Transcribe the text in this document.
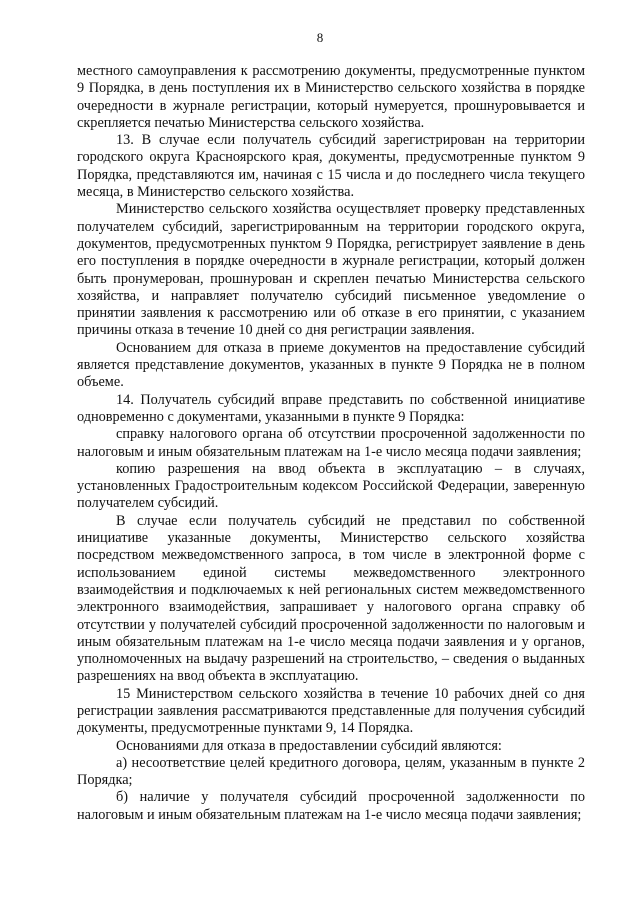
8

местного самоуправления к рассмотрению документы, предусмотренные пунктом 9 Порядка, в день поступления их в Министерство сельского хозяйства в порядке очередности в журнале регистрации, который нумеруется, прошнуровывается и скрепляется печатью Министерства сельского хозяйства.

13. В случае если получатель субсидий зарегистрирован на территории городского округа Красноярского края, документы, предусмотренные пунктом 9 Порядка, представляются им, начиная с 15 числа и до последнего числа текущего месяца, в Министерство сельского хозяйства.

Министерство сельского хозяйства осуществляет проверку представленных получателем субсидий, зарегистрированным на территории городского округа, документов, предусмотренных пунктом 9 Порядка, регистрирует заявление в день его поступления в порядке очередности в журнале регистрации, который должен быть пронумерован, прошнурован и скреплен печатью Министерства сельского хозяйства, и направляет получателю субсидий письменное уведомление о принятии заявления к рассмотрению или об отказе в его принятии, с указанием причины отказа в течение 10 дней со дня регистрации заявления.

Основанием для отказа в приеме документов на предоставление субсидий является представление документов, указанных в пункте 9 Порядка не в полном объеме.

14. Получатель субсидий вправе представить по собственной инициативе одновременно с документами, указанными в пункте 9 Порядка:

справку налогового органа об отсутствии просроченной задолженности по налоговым и иным обязательным платежам на 1-е число месяца подачи заявления;

копию разрешения на ввод объекта в эксплуатацию – в случаях, установленных Градостроительным кодексом Российской Федерации, заверенную получателем субсидий.

В случае если получатель субсидий не представил по собственной инициативе указанные документы, Министерство сельского хозяйства посредством межведомственного запроса, в том числе в электронной форме с использованием единой системы межведомственного электронного взаимодействия и подключаемых к ней региональных систем межведомственного электронного взаимодействия, запрашивает у налогового органа справку об отсутствии у получателей субсидий просроченной задолженности по налоговым и иным обязательным платежам на 1-е число месяца подачи заявления и у органов, уполномоченных на выдачу разрешений на строительство, – сведения о выданных разрешениях на ввод объекта в эксплуатацию.

15 Министерством сельского хозяйства в течение 10 рабочих дней со дня регистрации заявления рассматриваются представленные для получения субсидий документы, предусмотренные пунктами 9, 14 Порядка.

Основаниями для отказа в предоставлении субсидий являются:

а) несоответствие целей кредитного договора, целям, указанным в пункте 2 Порядка;

б) наличие у получателя субсидий просроченной задолженности по налоговым и иным обязательным платежам на 1-е число месяца подачи заявления;
